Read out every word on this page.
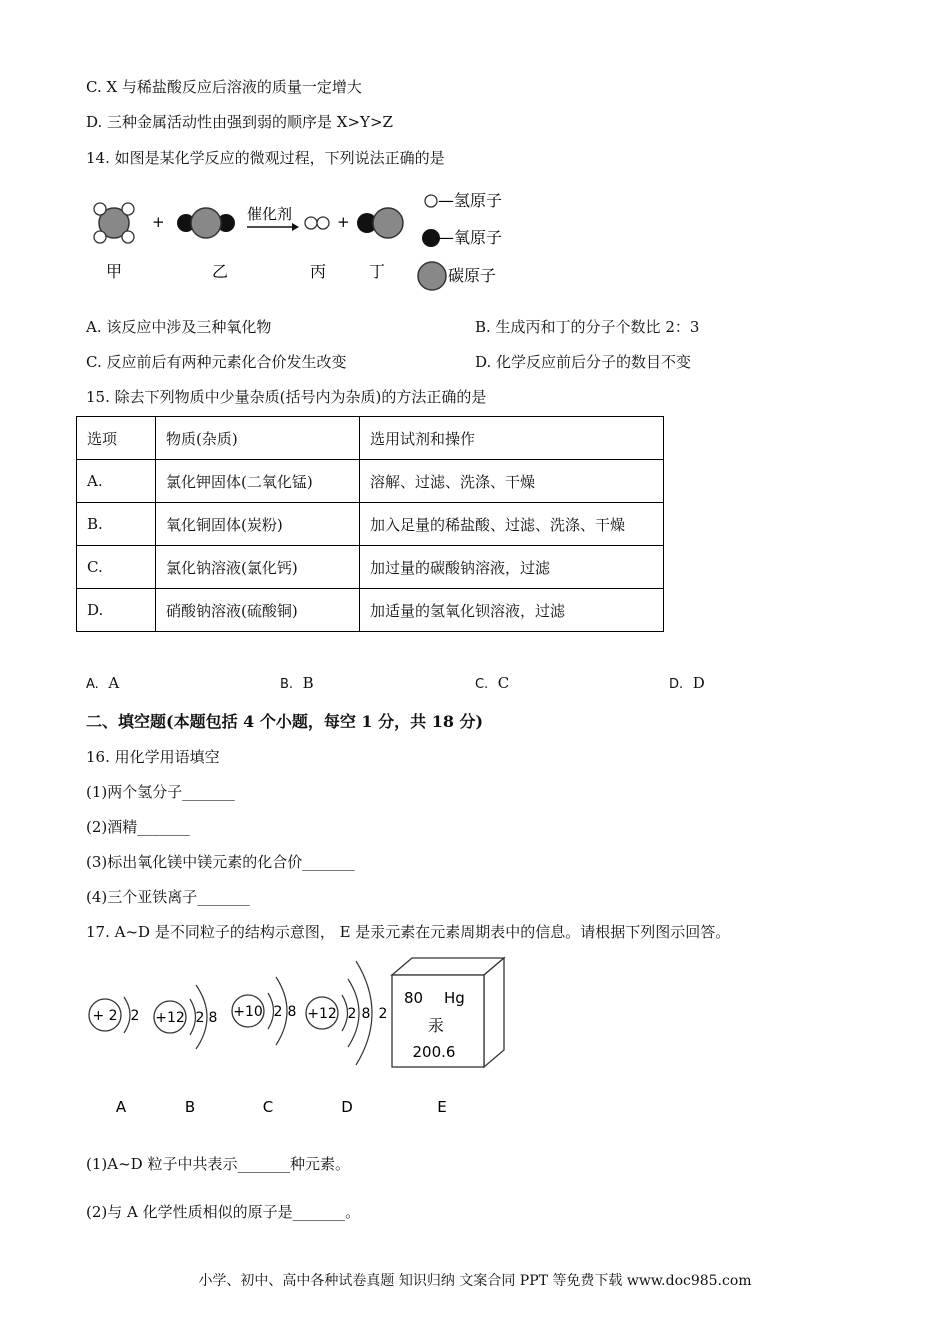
C. X 与稀盐酸反应后溶液的质量一定增大
D. 三种金属活动性由强到弱的顺序是 X>Y>Z
14. 如图是某化学反应的微观过程，下列说法正确的是
+	催化剂	+
甲	乙	丙	丁
—氢原子
—氧原子
碳原子
A. 该反应中涉及三种氧化物	B. 生成丙和丁的分子个数比 2：3
C. 反应前后有两种元素化合价发生改变	D. 化学反应前后分子的数目不变
15. 除去下列物质中少量杂质(括号内为杂质)的方法正确的是
选项	物质(杂质)	选用试剂和操作
A.	氯化钾固体(二氧化锰)	溶解、过滤、洗涤、干燥
B.	氧化铜固体(炭粉)	加入足量的稀盐酸、过滤、洗涤、干燥
C.	氯化钠溶液(氯化钙)	加过量的碳酸钠溶液，过滤
D.	硝酸钠溶液(硫酸铜)	加适量的氢氧化钡溶液，过滤
A. A	B. B	C. C	D. D
二、填空题(本题包括 4 个小题，每空 1 分，共 18 分)
16. 用化学用语填空
(1)两个氢分子_______
(2)酒精_______
(3)标出氧化镁中镁元素的化合价_______
(4)三个亚铁离子_______
17. A~D 是不同粒子的结构示意图， E 是汞元素在元素周期表中的信息。请根据下列图示回答。
+ 2 2 +12 2 8 +10 2 8 +12 2 8 2
80 Hg
汞
200.6
A	B	C	D	E
(1)A~D 粒子中共表示_______种元素。
(2)与 A 化学性质相似的原子是_______。
小学、初中、高中各种试卷真题 知识归纳 文案合同 PPT 等免费下载 www.doc985.com
